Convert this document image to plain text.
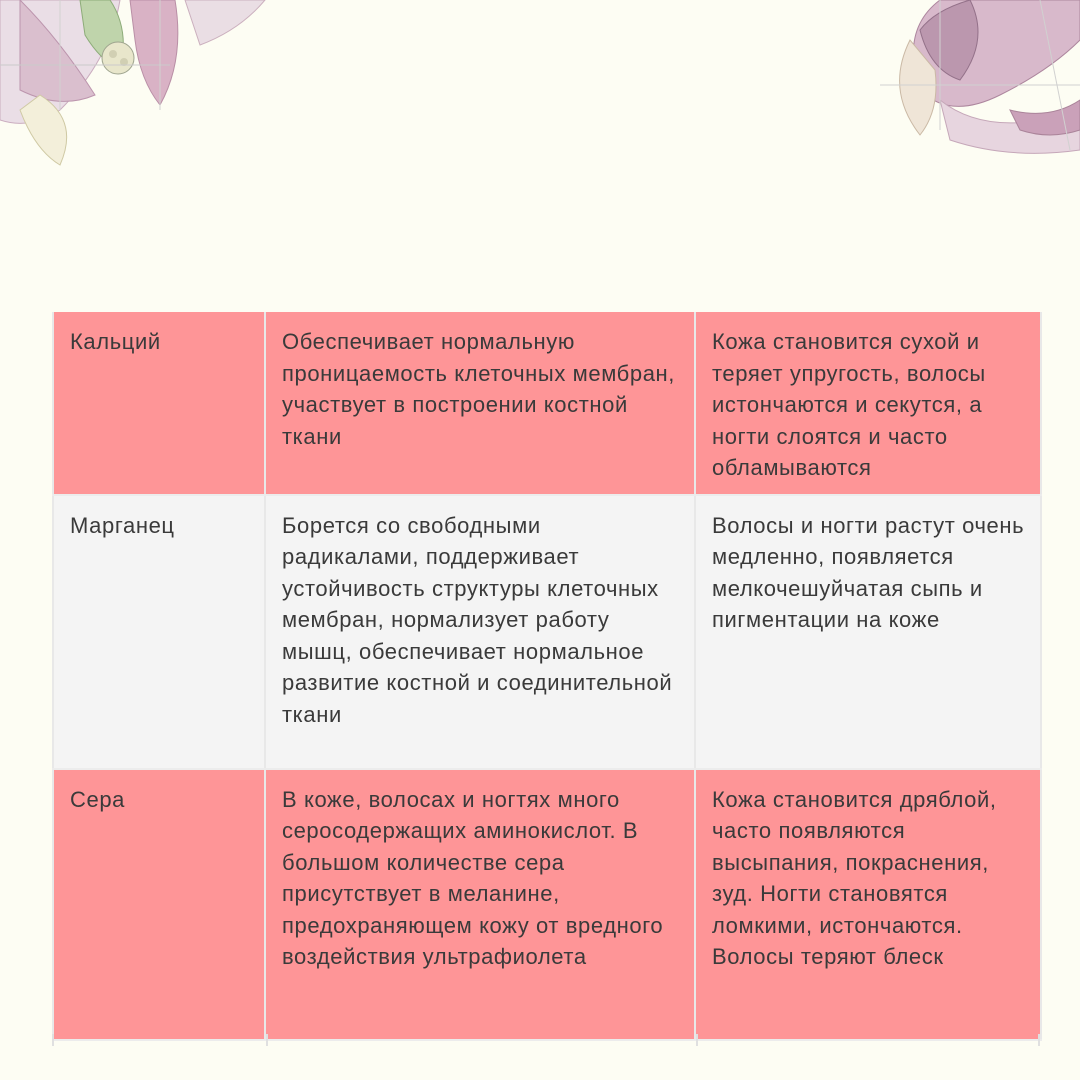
Кальций	Обеспечивает нормальную проницаемость клеточных мембран, участвует в построении костной ткани	Кожа становится сухой и теряет упругость, волосы истончаются и секутся, а ногти слоятся и часто обламываются
Марганец	Борется со свободными радикалами, поддерживает устойчивость структуры клеточных мембран, нормализует работу мышц, обеспечивает нормальное развитие костной и соединительной ткани	Волосы и ногти растут очень медленно, появляется мелкочешуйчатая сыпь и пигментации на коже
Сера	В коже, волосах и ногтях много серосодержащих аминокислот. В большом количестве сера присутствует в меланине, предохраняющем кожу от вредного воздействия ультрафиолета	Кожа становится дряблой, часто появляются высыпания, покраснения, зуд. Ногти становятся ломкими, истончаются. Волосы теряют блеск
